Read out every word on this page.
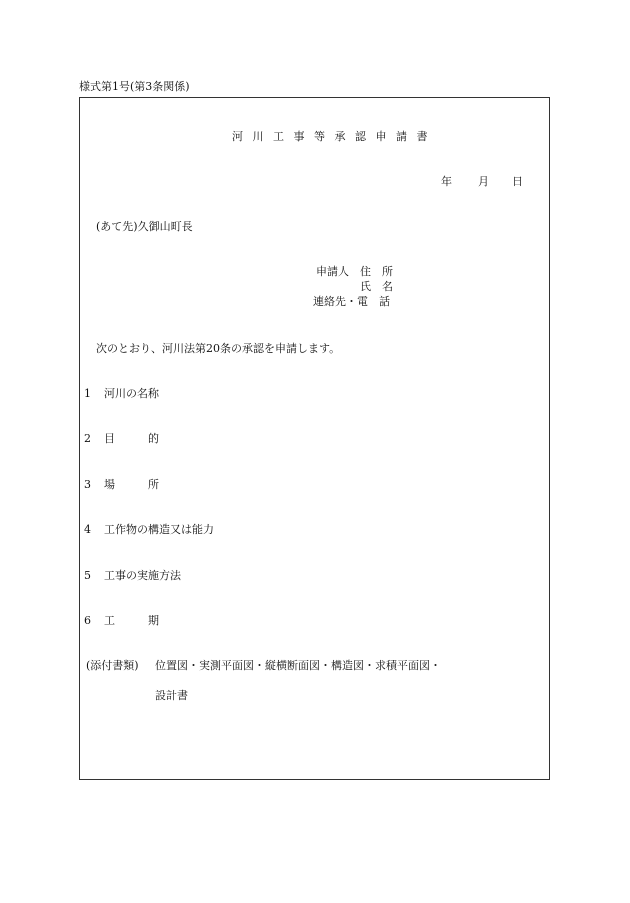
様式第1号(第3条関係)
河 川 工 事 等 承 認 申 請 書
年 月 日
(あて先)久御山町長
申請人 住　所
氏　名
連絡先・電　話
次のとおり、河川法第20条の承認を申請します。
1 河川の名称
2 目　　　的
3 場　　　所
4 工作物の構造又は能力
5 工事の実施方法
6 工　　　期
(添付書類) 位置図・実測平面図・縦横断面図・構造図・求積平面図・
設計書
